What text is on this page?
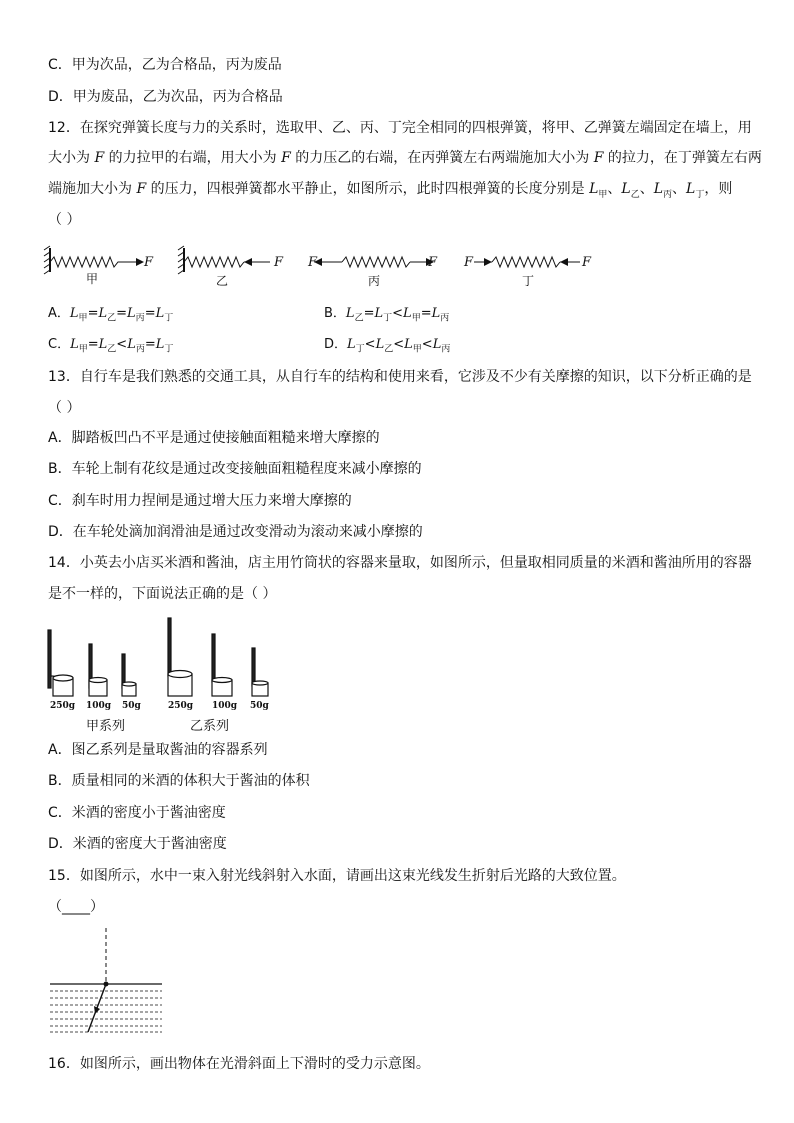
C．甲为次品，乙为合格品，丙为废品
D．甲为废品，乙为次品，丙为合格品
12．在探究弹簧长度与力的关系时，选取甲、乙、丙、丁完全相同的四根弹簧，将甲、乙弹簧左端固定在墙上，用
大小为 F 的力拉甲的右端，用大小为 F 的力压乙的右端，在丙弹簧左右两端施加大小为 F 的拉力，在丁弹簧左右两
端施加大小为 F 的压力，四根弹簧都水平静止，如图所示，此时四根弹簧的长度分别是 $L_甲$、$L_乙$、$L_丙$、$L_丁$，则
（ ）
F	F F	F F	F
甲	乙	丙	丁
A．$L_甲=L_乙=L_丙=L_丁$	B．$L_乙=L_丁<L_甲=L_丙$
C．$L_甲=L_乙<L_丙=L_丁$	D．$L_丁<L_乙<L_甲<L_丙$
13．自行车是我们熟悉的交通工具，从自行车的结构和使用来看，它涉及不少有关摩擦的知识，以下分析正确的是
（ ）
A．脚踏板凹凸不平是通过使接触面粗糙来增大摩擦的
B．车轮上制有花纹是通过改变接触面粗糙程度来减小摩擦的
C．刹车时用力捏闸是通过增大压力来增大摩擦的
D．在车轮处滴加润滑油是通过改变滑动为滚动来减小摩擦的
14．小英去小店买米酒和酱油，店主用竹筒状的容器来量取，如图所示，但量取相同质量的米酒和酱油所用的容器
是不一样的，下面说法正确的是（ ）
250g 100g 50g	250g 100g 50g
甲系列	乙系列
A．图乙系列是量取酱油的容器系列
B．质量相同的米酒的体积大于酱油的体积
C．米酒的密度小于酱油密度
D．米酒的密度大于酱油密度
15．如图所示，水中一束入射光线斜射入水面，请画出这束光线发生折射后光路的大致位置。
（____）
16．如图所示，画出物体在光滑斜面上下滑时的受力示意图。
